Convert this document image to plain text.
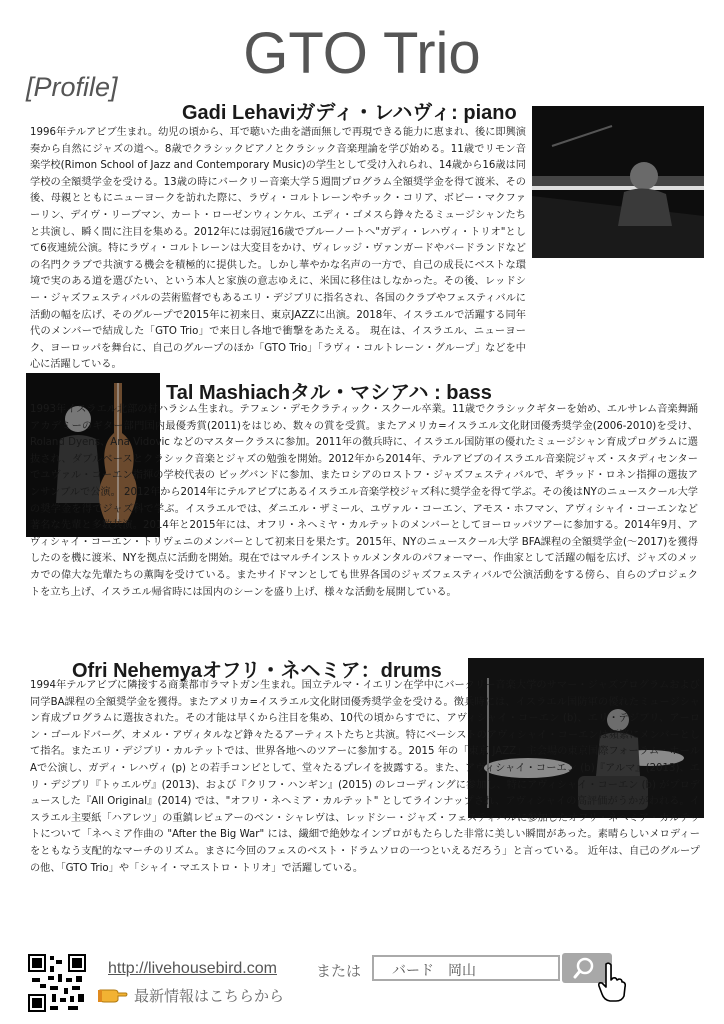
GTO Trio
[Profile]
Gadi Lehaviガディ・レハヴィ: piano

1996年テルアビブ生まれ。幼児の頃から、耳で聴いた曲を譜面無しで再現できる能力に恵まれ、後に即興演奏から自然にジャズの道へ。8歳でクラシックピアノとクラシック音楽理論を学び始める。11歳でリモン音楽学校(Rimon School of Jazz and Contemporary Music)の学生として受け入れられ、14歳から16歳は同学校の全額奨学金を受ける。13歳の時にバークリー音楽大学５週間プログラム全額奨学金を得て渡米、その後、母親とともにニューヨークを訪れた際に、ラヴィ・コルトレーンやチック・コリア、ボビー・マクファーリン、デイヴ・リーブマン、カート・ローゼンウィンケル、エディ・ゴメスら錚々たるミュージシャンたちと共演し、瞬く間に注目を集める。2012年には弱冠16歳でブルーノートへ"ガディ・レハヴィ・トリオ"として6夜連続公演。特にラヴィ・コルトレーンは大変目をかけ、ヴィレッジ・ヴァンガードやバードランドなどの名門クラブで共演する機会を積極的に提供した。しかし華やかな名声の一方で、自己の成長にベストな環境で実のある道を選びたい、という本人と家族の意志ゆえに、米国に移住はしなかった。その後、レッドシー・ジャズフェスティバルの芸術監督でもあるエリ・デジブリに指名され、各国のクラブやフェスティバルに活動の幅を広げ、そのグループで2015年に初来日、東京JAZZに出演。2018年、イスラエルで活躍する同年代のメンバーで結成した「GTO Trio」で来日し各地で衝撃をあたえる。 現在は、イスラエル、ニューヨーク、ヨーロッパを舞台に、自己のグループのほか「GTO Trio」「ラヴィ・コルトレーン・グループ」などを中心に活躍している。

Tal Mashiachタル・マシアハ : bass

1993年イスラエル北部の村ハラシム生まれ。テフェン・デモクラティック・スクール卒業。11歳でクラシックギターを始め、エルサレム音楽舞踊アカデミーのギター部門国内最優秀賞(2011)をはじめ、数々の賞を受賞。またアメリカ=イスラエル文化財団優秀奨学金(2006-2010)を受け、Roland Dyens、Ana Vidovic などのマスタークラスに参加。2011年の徴兵時に、イスラエル国防軍の優れたミュージシャン育成プログラムに選抜され、ダブルベースとクラシック音楽とジャズの勉強を開始。2012年から2014年、テルアビブのイスラエル音楽院ジャズ・スタディセンターでユヴァル・コーエン指揮の学校代表の ビッグバンドに参加、またロシアのロストフ・ジャズフェスティバルで、ギラッド・ロネン指揮の選抜アンサンブルで公演。 2012年から2014年にテルアビブにあるイスラエル音楽学校ジャズ科に奨学金を得て学ぶ。その後はNYのニュースクール大学の奨学金を得てジャズ科で学ぶ。イスラエルでは、ダニエル・ザミール、ユヴァル・コーエン、アモス・ホフマン、アヴィシャイ・コーエンなど著名な先輩と多数共演。2014年と2015年には、オフリ・ネヘミヤ・カルテットのメンバーとしてヨーロッパツアーに参加する。2014年9月、アヴィシャイ・コーエン・トリヴェニのメンバーとして初来日を果たす。2015年、NYのニュースクール大学 BFA課程の全額奨学金(〜2017)を獲得したのを機に渡米、NYを拠点に活動を開始。現在ではマルチインストゥルメンタルのパフォーマー、作曲家として活躍の幅を広げ、ジャズのメッカでの偉大な先輩たちの薫陶を受けている。またサイドマンとしても世界各国のジャズフェスティバルで公演活動をする傍ら、自らのプロジェクトを立ち上げ、イスラエル帰省時には国内のシーンを盛り上げ、様々な活動を展開している。

Ofri Nehemyaオフリ・ネヘミア：drums

1994年テルアビブに隣接する商業都市ラマトガン生まれ。国立テルマ・イエリン在学中にバークリー音楽大学のサマー・ジャズプログラムおよび同学BA課程の全額奨学金を獲得。またアメリカ=イスラエル文化財団優秀奨学金を受ける。徴兵時には、イスラエル国防軍の優れたミュージシャン育成プログラムに選抜された。その才能は早くから注目を集め、10代の頃からすでに、アヴィシャイ・コーエン (b)、エリ・デジブリ、アーロン・ゴールドバーグ、オメル・アヴィタルなど錚々たるアーティストたちと共演。特にベーシストのアヴィシャイ・コーエンは頻繁にメンバーとして指名。またエリ・デジブリ・カルテットでは、世界各地へのツアーに参加する。2015 年の「東京 JAZZ」主会場の東京国際フォーラム・ホールAで公演し、ガディ・レハヴィ (p) との若手コンビとして、堂々たるプレイを披露する。また、アヴィシャイ・コーエン (b)『アルマ』(2013)、エリ・デジブリ『トゥエルヴ』(2013)、および『クリフ・ハンギン』(2015) のレコーディングに参加し、特にアヴィシャイ・コーエン (b) がプロデュースした『All Original』(2014) では、"オフリ・ネヘミア・カルテット" としてラインナップされ、アヴィシャイの高評価がうかがわれる。イスラエル主要紙「ハアレツ」の重鎮レビュアーのベン・シャレヴは、レッドシー・ジャズ・フェスティバルに参加したオフリ・ネヘミア・カルテットについて「ネヘミア作曲の "After the Big War" には、繊細で絶妙なインプロがもたらした非常に美しい瞬間があった。素晴らしいメロディーをともなう支配的なマーチのリズム。まさに今回のフェスのベスト・ドラムソロの一つといえるだろう」と言っている。 近年は、自己のグループの他、「GTO Trio」や「シャイ・マエストロ・トリオ」で活躍している。

http://livehousebird.com	または	バード　岡山
最新情報はこちらから
